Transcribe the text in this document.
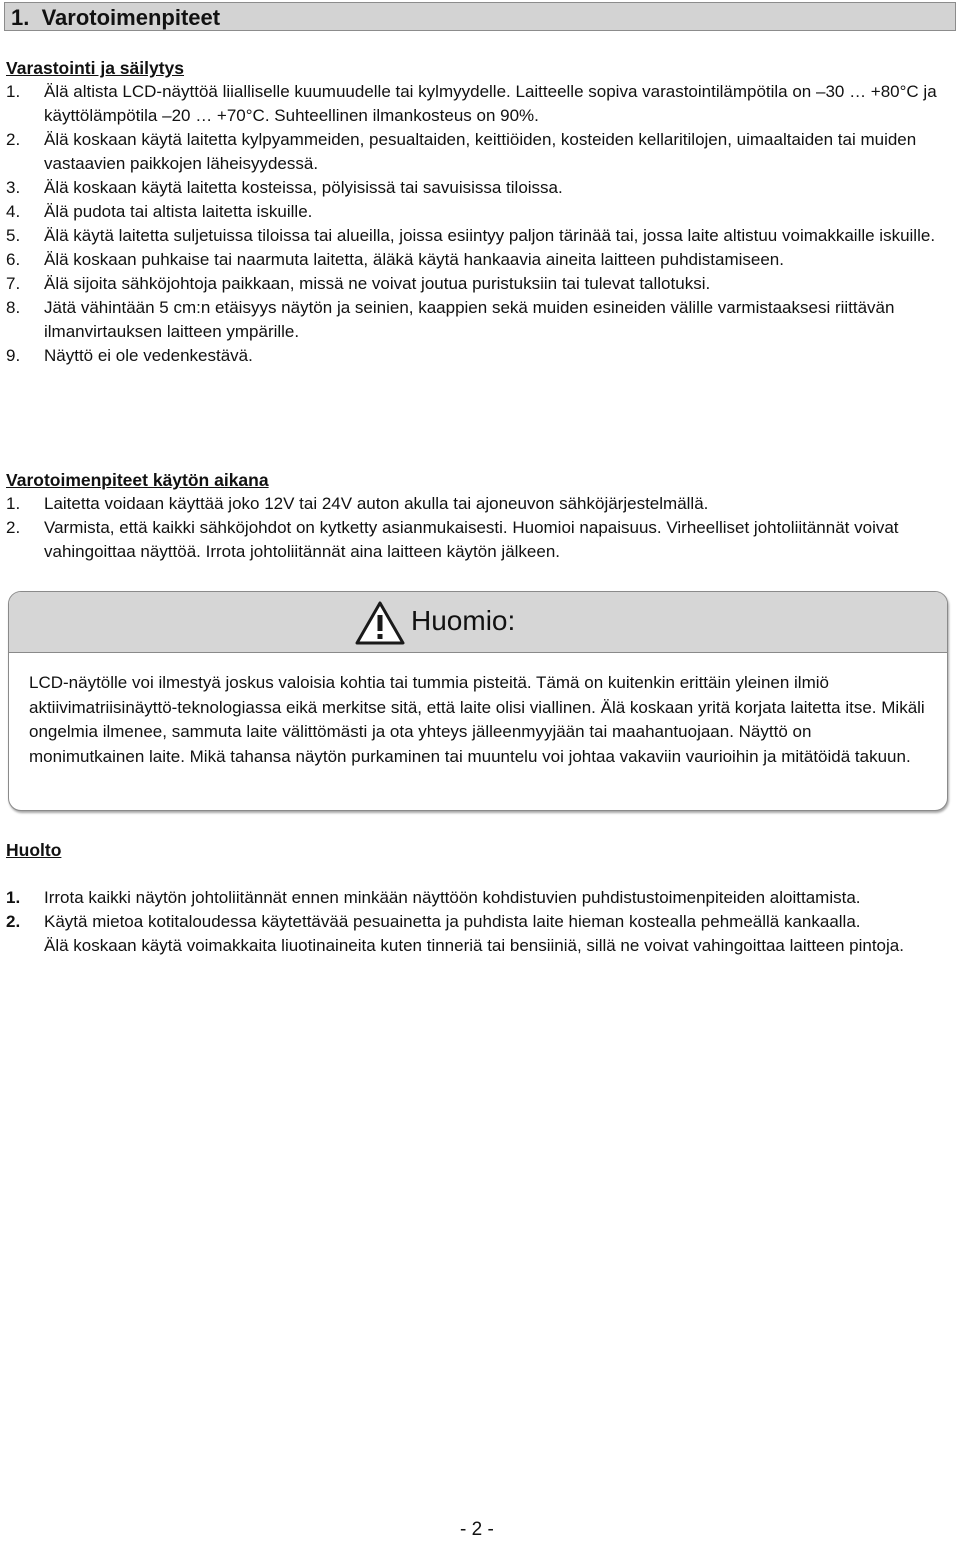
1. Varotoimenpiteet
Varastointi ja säilytys
1. Älä altista LCD-näyttöä liialliselle kuumuudelle tai kylmyydelle. Laitteelle sopiva varastointilämpötila on –30 … +80°C ja käyttölämpötila –20 … +70°C. Suhteellinen ilmankosteus on 90%.
2. Älä koskaan käytä laitetta kylpyammeiden, pesualtaiden, keittiöiden, kosteiden kellaritilojen, uimaaltaiden tai muiden vastaavien paikkojen läheisyydessä.
3. Älä koskaan käytä laitetta kosteissa, pölyisissä tai savuisissa tiloissa.
4. Älä pudota tai altista laitetta iskuille.
5. Älä käytä laitetta suljetuissa tiloissa tai alueilla, joissa esiintyy paljon tärinää tai, jossa laite altistuu voimakkaille iskuille.
6. Älä koskaan puhkaise tai naarmuta laitetta, äläkä käytä hankaavia aineita laitteen puhdistamiseen.
7. Älä sijoita sähköjohtoja paikkaan, missä ne voivat joutua puristuksiin tai tulevat tallotuksi.
8. Jätä vähintään 5 cm:n etäisyys näytön ja seinien, kaappien sekä muiden esineiden välille varmistaaksesi riittävän ilmanvirtauksen laitteen ympärille.
9. Näyttö ei ole vedenkestävä.
Varotoimenpiteet käytön aikana
1. Laitetta voidaan käyttää joko 12V tai 24V auton akulla tai ajoneuvon sähköjärjestelmällä.
2. Varmista, että kaikki sähköjohdot on kytketty asianmukaisesti. Huomioi napaisuus. Virheelliset johtoliitännät voivat vahingoittaa näyttöä. Irrota johtoliitännät aina laitteen käytön jälkeen.
Huomio:
LCD-näytölle voi ilmestyä joskus valoisia kohtia tai tummia pisteitä. Tämä on kuitenkin erittäin yleinen ilmiö aktiivimatriisinäyttö-teknologiassa eikä merkitse sitä, että laite olisi viallinen. Älä koskaan yritä korjata laitetta itse. Mikäli ongelmia ilmenee, sammuta laite välittömästi ja ota yhteys jälleenmyyjään tai maahantuojaan. Näyttö on monimutkainen laite. Mikä tahansa näytön purkaminen tai muuntelu voi johtaa vakaviin vaurioihin ja mitätöidä takuun.
Huolto
1. Irrota kaikki näytön johtoliitännät ennen minkään näyttöön kohdistuvien puhdistustoimenpiteiden aloittamista.
2. Käytä mietoa kotitaloudessa käytettävää pesuainetta ja puhdista laite hieman kostealla pehmeällä kankaalla.
Älä koskaan käytä voimakkaita liuotinaineita kuten tinneriä tai bensiiniä, sillä ne voivat vahingoittaa laitteen pintoja.
- 2 -
